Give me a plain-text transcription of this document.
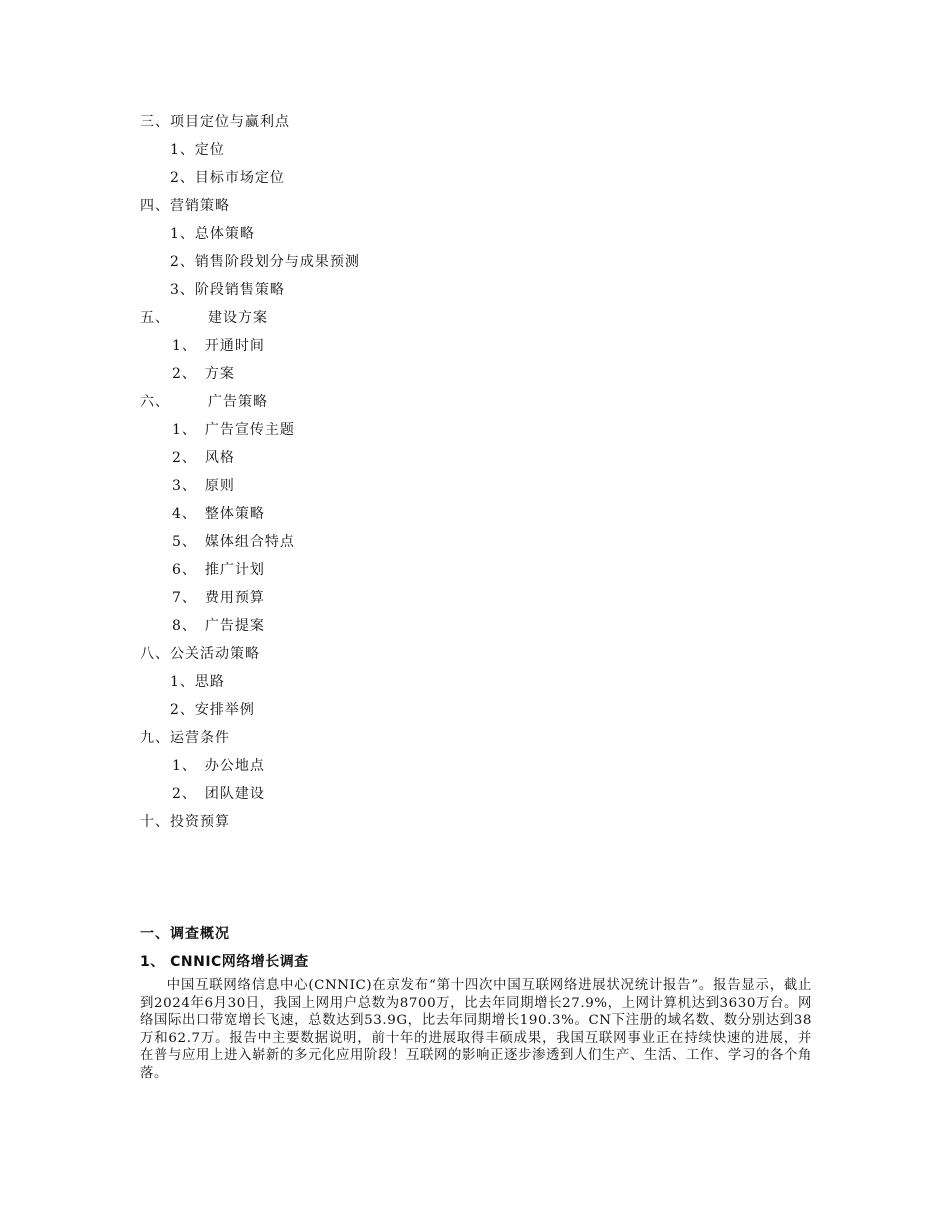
三、项目定位与赢利点
1、定位
2、目标市场定位
四、营销策略
1、总体策略
2、销售阶段划分与成果预测
3、阶段销售策略
五、	建设方案
1、 开通时间
2、 方案
六、	广告策略
1、 广告宣传主题
2、 风格
3、 原则
4、 整体策略
5、 媒体组合特点
6、 推广计划
7、 费用预算
8、 广告提案
八、公关活动策略
1、思路
2、安排举例
九、运营条件
1、 办公地点
2、 团队建设
十、投资预算
一、调查概况
1、 CNNIC网络增长调查
中国互联网络信息中心(CNNIC)在京发布“第十四次中国互联网络进展状况统计报告”。报告显示，截止到2024年6月30日，我国上网用户总数为8700万，比去年同期增长27.9%，上网计算机达到3630万台。网络国际出口带宽增长飞速，总数达到53.9G，比去年同期增长190.3%。CN下注册的域名数、数分别达到38万和62.7万。报告中主要数据说明，前十年的进展取得丰硕成果，我国互联网事业正在持续快速的进展，并在普与应用上进入崭新的多元化应用阶段！互联网的影响正逐步渗透到人们生产、生活、工作、学习的各个角落。
